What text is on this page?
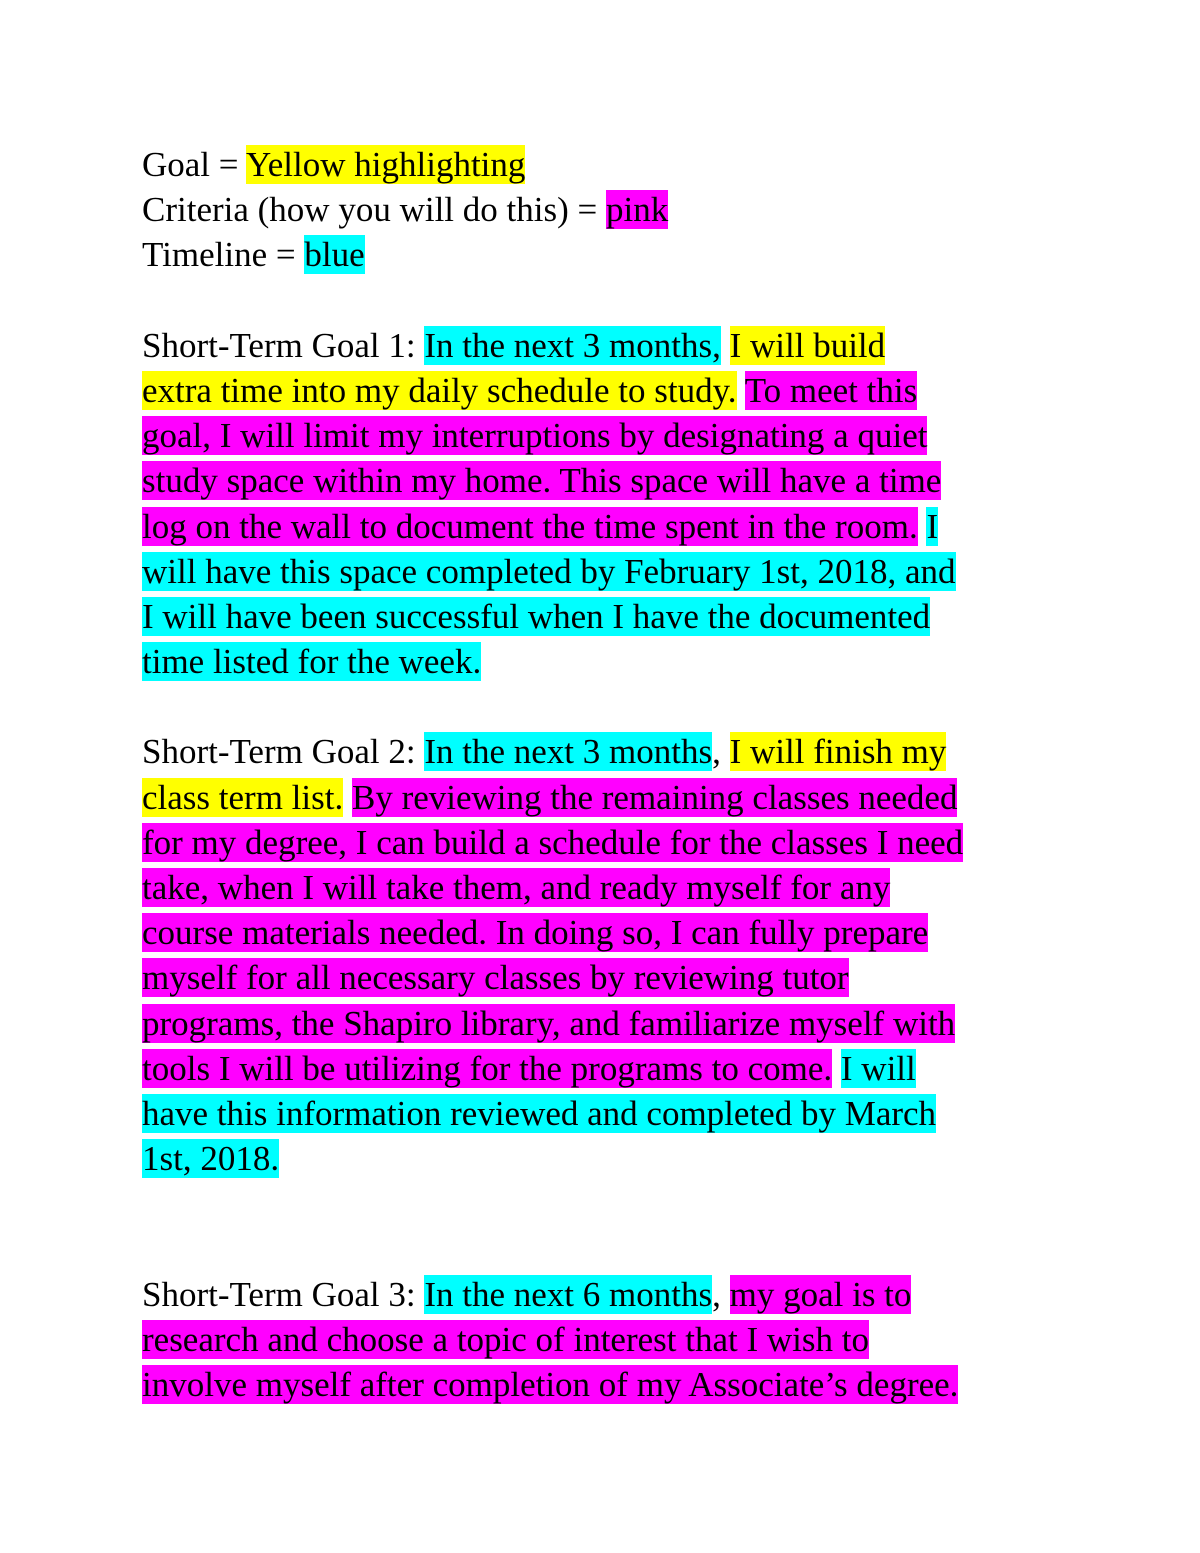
Goal = Yellow highlighting
Criteria (how you will do this) = pink
Timeline = blue
Short-Term Goal 1: In the next 3 months, I will build
extra time into my daily schedule to study. To meet this
goal, I will limit my interruptions by designating a quiet
study space within my home. This space will have a time
log on the wall to document the time spent in the room. I
will have this space completed by February 1st, 2018, and
I will have been successful when I have the documented
time listed for the week.
Short-Term Goal 2: In the next 3 months, I will finish my
class term list. By reviewing the remaining classes needed
for my degree, I can build a schedule for the classes I need
take, when I will take them, and ready myself for any
course materials needed. In doing so, I can fully prepare
myself for all necessary classes by reviewing tutor
programs, the Shapiro library, and familiarize myself with
tools I will be utilizing for the programs to come. I will
have this information reviewed and completed by March
1st, 2018.
Short-Term Goal 3: In the next 6 months, my goal is to
research and choose a topic of interest that I wish to
involve myself after completion of my Associate’s degree.
